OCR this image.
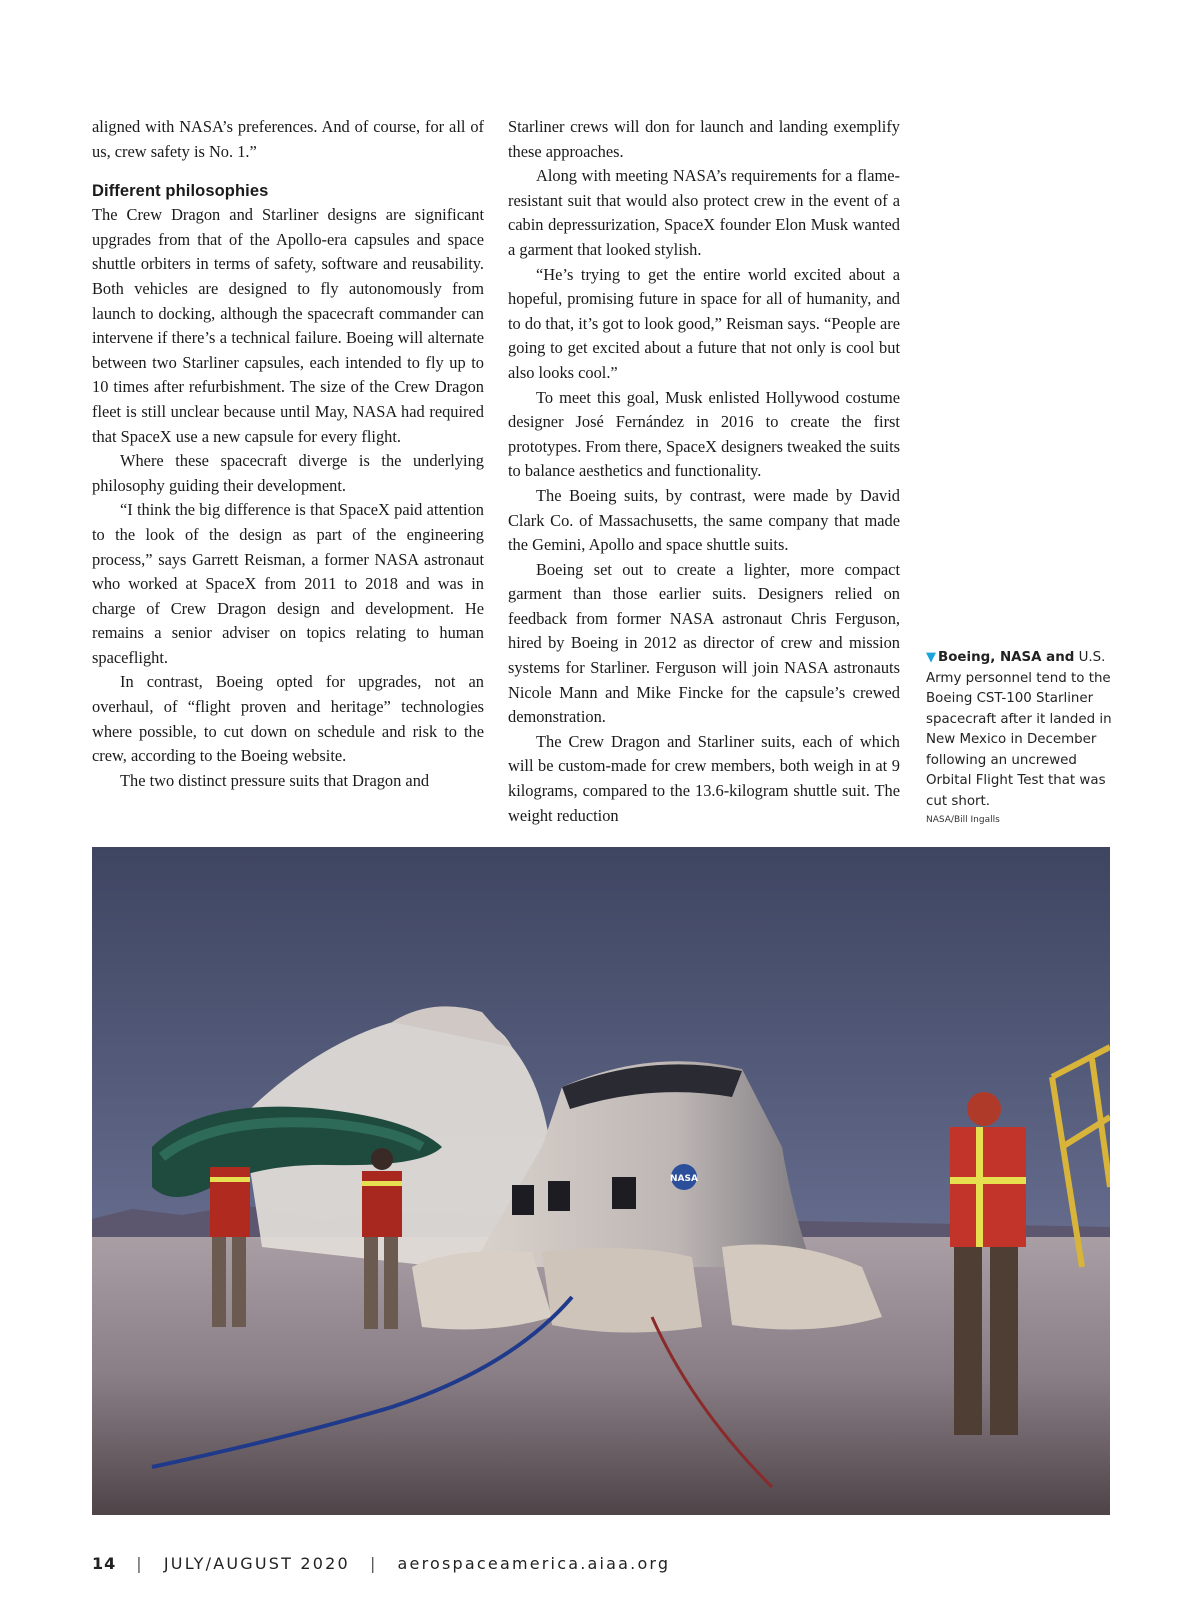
aligned with NASA’s preferences. And of course, for all of us, crew safety is No. 1.”

Different philosophies

The Crew Dragon and Starliner designs are significant upgrades from that of the Apollo-era capsules and space shuttle orbiters in terms of safety, software and reusability. Both vehicles are designed to fly autonomously from launch to docking, although the spacecraft commander can intervene if there’s a technical failure. Boeing will alternate between two Starliner capsules, each intended to fly up to 10 times after refurbishment. The size of the Crew Dragon fleet is still unclear because until May, NASA had required that SpaceX use a new capsule for every flight.

Where these spacecraft diverge is the underlying philosophy guiding their development.

“I think the big difference is that SpaceX paid attention to the look of the design as part of the engineering process,” says Garrett Reisman, a former NASA astronaut who worked at SpaceX from 2011 to 2018 and was in charge of Crew Dragon design and development. He remains a senior adviser on topics relating to human spaceflight.

In contrast, Boeing opted for upgrades, not an overhaul, of “flight proven and heritage” technologies where possible, to cut down on schedule and risk to the crew, according to the Boeing website.

The two distinct pressure suits that Dragon and

Starliner crews will don for launch and landing exemplify these approaches.

Along with meeting NASA’s requirements for a flame-resistant suit that would also protect crew in the event of a cabin depressurization, SpaceX founder Elon Musk wanted a garment that looked stylish.

“He’s trying to get the entire world excited about a hopeful, promising future in space for all of humanity, and to do that, it’s got to look good,” Reisman says. “People are going to get excited about a future that not only is cool but also looks cool.”

To meet this goal, Musk enlisted Hollywood costume designer José Fernández in 2016 to create the first prototypes. From there, SpaceX designers tweaked the suits to balance aesthetics and functionality.

The Boeing suits, by contrast, were made by David Clark Co. of Massachusetts, the same company that made the Gemini, Apollo and space shuttle suits.

Boeing set out to create a lighter, more compact garment than those earlier suits. Designers relied on feedback from former NASA astronaut Chris Ferguson, hired by Boeing in 2012 as director of crew and mission systems for Starliner. Ferguson will join NASA astronauts Nicole Mann and Mike Fincke for the capsule’s crewed demonstration.

The Crew Dragon and Starliner suits, each of which will be custom-made for crew members, both weigh in at 9 kilograms, compared to the 13.6-kilogram shuttle suit. The weight reduction

▼ Boeing, NASA and U.S. Army personnel tend to the Boeing CST-100 Starliner spacecraft after it landed in New Mexico in December following an uncrewed Orbital Flight Test that was cut short.
NASA/Bill Ingalls
NASA
14 | JULY/AUGUST 2020 | aerospaceamerica.aiaa.org
